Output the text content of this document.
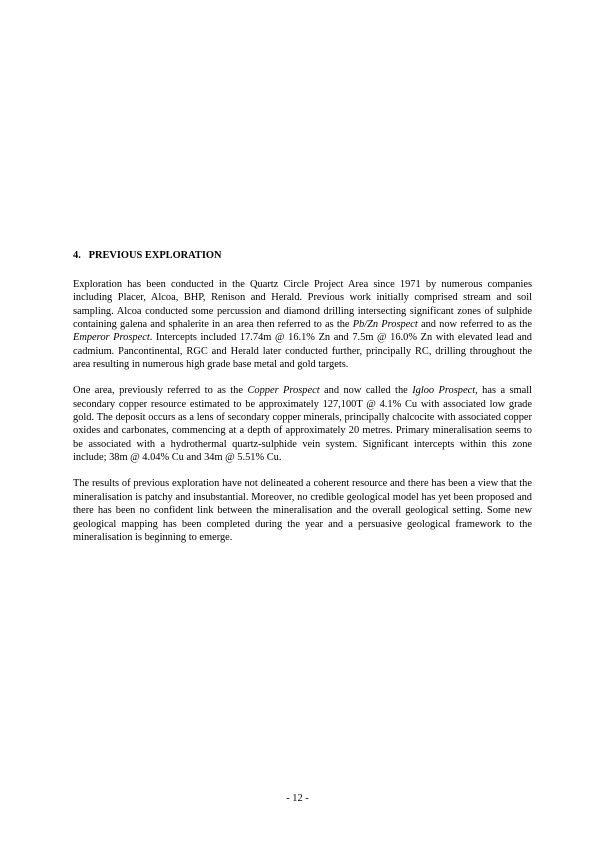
4. PREVIOUS EXPLORATION

Exploration has been conducted in the Quartz Circle Project Area since 1971 by numerous companies including Placer, Alcoa, BHP, Renison and Herald. Previous work initially comprised stream and soil sampling. Alcoa conducted some percussion and diamond drilling intersecting significant zones of sulphide containing galena and sphalerite in an area then referred to as the Pb/Zn Prospect and now referred to as the Emperor Prospect. Intercepts included 17.74m @ 16.1% Zn and 7.5m @ 16.0% Zn with elevated lead and cadmium. Pancontinental, RGC and Herald later conducted further, principally RC, drilling throughout the area resulting in numerous high grade base metal and gold targets.

One area, previously referred to as the Copper Prospect and now called the Igloo Prospect, has a small secondary copper resource estimated to be approximately 127,100T @ 4.1% Cu with associated low grade gold. The deposit occurs as a lens of secondary copper minerals, principally chalcocite with associated copper oxides and carbonates, commencing at a depth of approximately 20 metres. Primary mineralisation seems to be associated with a hydrothermal quartz-sulphide vein system. Significant intercepts within this zone include; 38m @ 4.04% Cu and 34m @ 5.51% Cu.

The results of previous exploration have not delineated a coherent resource and there has been a view that the mineralisation is patchy and insubstantial. Moreover, no credible geological model has yet been proposed and there has been no confident link between the mineralisation and the overall geological setting. Some new geological mapping has been completed during the year and a persuasive geological framework to the mineralisation is beginning to emerge.

- 12 -
